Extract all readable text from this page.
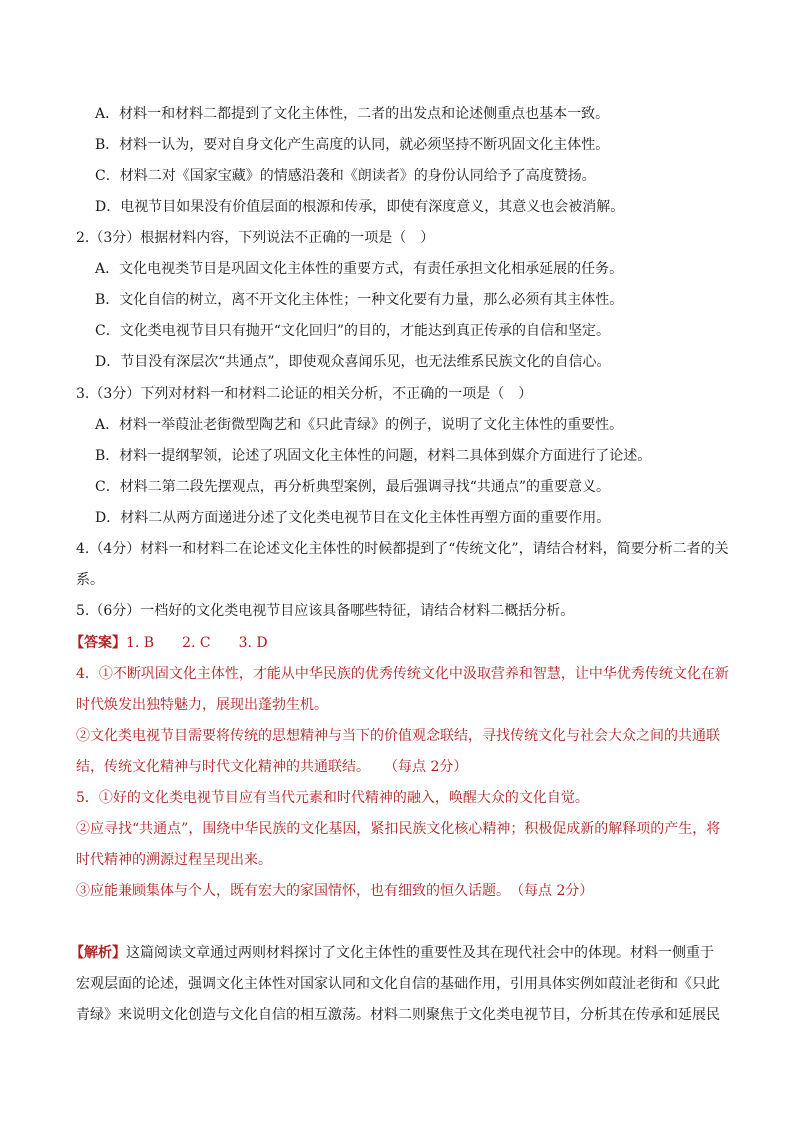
A．材料一和材料二都提到了文化主体性，二者的出发点和论述侧重点也基本一致。
B．材料一认为，要对自身文化产生高度的认同，就必须坚持不断巩固文化主体性。
C．材料二对《国家宝藏》的情感沿袭和《朗读者》的身份认同给予了高度赞扬。
D．电视节目如果没有价值层面的根源和传承，即使有深度意义，其意义也会被消解。
2.（3分）根据材料内容，下列说法不正确的一项是（　）
A．文化电视类节目是巩固文化主体性的重要方式，有责任承担文化相承延展的任务。
B．文化自信的树立，离不开文化主体性；一种文化要有力量，那么必须有其主体性。
C．文化类电视节目只有抛开“文化回归”的目的，才能达到真正传承的自信和坚定。
D．节目没有深层次“共通点”，即使观众喜闻乐见，也无法维系民族文化的自信心。
3.（3分）下列对材料一和材料二论证的相关分析，不正确的一项是（　）
A．材料一举葭沚老街微型陶艺和《只此青绿》的例子，说明了文化主体性的重要性。
B．材料一提纲挈领，论述了巩固文化主体性的问题，材料二具体到媒介方面进行了论述。
C．材料二第二段先摆观点，再分析典型案例，最后强调寻找“共通点”的重要意义。
D．材料二从两方面递进分述了文化类电视节目在文化主体性再塑方面的重要作用。
4.（4分）材料一和材料二在论述文化主体性的时候都提到了“传统文化”，请结合材料，简要分析二者的关
系。
5.（6分）一档好的文化类电视节目应该具备哪些特征，请结合材料二概括分析。
【答案】1. B　　2. C　　3. D
4．①不断巩固文化主体性，才能从中华民族的优秀传统文化中汲取营养和智慧，让中华优秀传统文化在新
时代焕发出独特魅力，展现出蓬勃生机。
②文化类电视节目需要将传统的思想精神与当下的价值观念联结，寻找传统文化与社会大众之间的共通联
结，传统文化精神与时代文化精神的共通联结。　　（每点 2分）
5．①好的文化类电视节目应有当代元素和时代精神的融入，唤醒大众的文化自觉。
②应寻找“共通点”，围绕中华民族的文化基因，紧扣民族文化核心精神；积极促成新的解释项的产生，将
时代精神的溯源过程呈现出来。
③应能兼顾集体与个人，既有宏大的家国情怀，也有细致的恒久话题。　（每点 2分）
【解析】这篇阅读文章通过两则材料探讨了文化主体性的重要性及其在现代社会中的体现。材料一侧重于
宏观层面的论述，强调文化主体性对国家认同和文化自信的基础作用，引用具体实例如葭沚老街和《只此
青绿》来说明文化创造与文化自信的相互激荡。材料二则聚焦于文化类电视节目，分析其在传承和延展民
